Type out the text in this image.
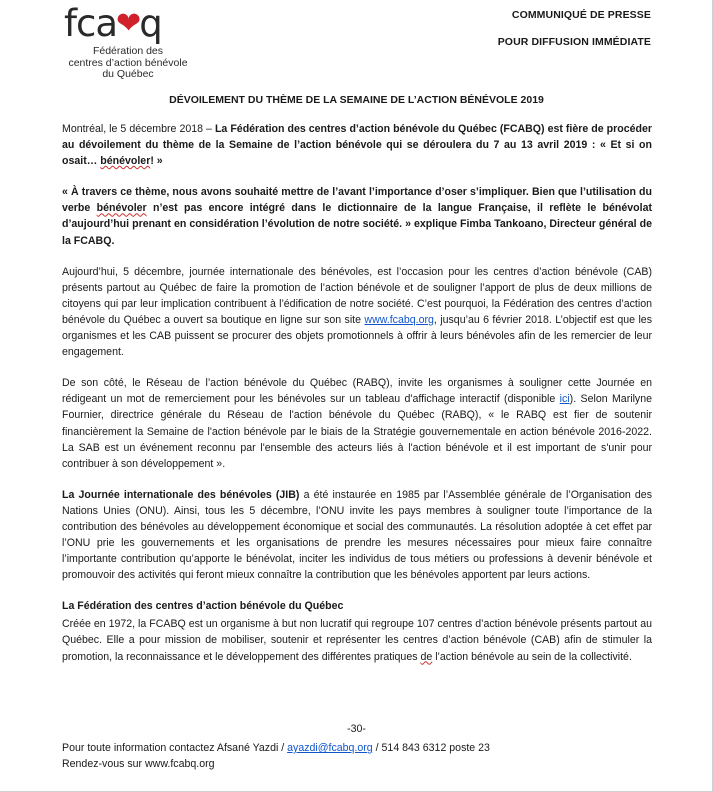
fca ❤ q
Fédération des
centres d’action bénévole
du Québec
COMMUNIQUÉ DE PRESSE
POUR DIFFUSION IMMÉDIATE
DÉVOILEMENT DU THÈME DE LA SEMAINE DE L’ACTION BÉNÉVOLE 2019

Montréal, le 5 décembre 2018 – La Fédération des centres d’action bénévole du Québec (FCABQ) est fière de procéder au dévoilement du thème de la Semaine de l’action bénévole qui se déroulera du 7 au 13 avril 2019 : « Et si on osait… bénévoler! »

« À travers ce thème, nous avons souhaité mettre de l’avant l’importance d’oser s’impliquer. Bien que l’utilisation du verbe bénévoler n’est pas encore intégré dans le dictionnaire de la langue Française, il reflète le bénévolat d’aujourd’hui prenant en considération l’évolution de notre société. » explique Fimba Tankoano, Directeur général de la FCABQ.

Aujourd’hui, 5 décembre, journée internationale des bénévoles, est l’occasion pour les centres d’action bénévole (CAB) présents partout au Québec de faire la promotion de l’action bénévole et de souligner l’apport de plus de deux millions de citoyens qui par leur implication contribuent à l’édification de notre société. C’est pourquoi, la Fédération des centres d’action bénévole du Québec a ouvert sa boutique en ligne sur son site www.fcabq.org, jusqu’au 6 février 2018. L’objectif est que les organismes et les CAB puissent se procurer des objets promotionnels à offrir à leurs bénévoles afin de les remercier de leur engagement.

De son côté, le Réseau de l’action bénévole du Québec (RABQ), invite les organismes à souligner cette Journée en rédigeant un mot de remerciement pour les bénévoles sur un tableau d'affichage interactif (disponible ici). Selon Marilyne Fournier, directrice générale du Réseau de l'action bénévole du Québec (RABQ), « le RABQ est fier de soutenir financièrement la Semaine de l'action bénévole par le biais de la Stratégie gouvernementale en action bénévole 2016-2022. La SAB est un événement reconnu par l'ensemble des acteurs liés à l'action bénévole et il est important de s'unir pour contribuer à son développement ».

La Journée internationale des bénévoles (JIB) a été instaurée en 1985 par l’Assemblée générale de l’Organisation des Nations Unies (ONU). Ainsi, tous les 5 décembre, l’ONU invite les pays membres à souligner toute l’importance de la contribution des bénévoles au développement économique et social des communautés. La résolution adoptée à cet effet par l’ONU prie les gouvernements et les organisations de prendre les mesures nécessaires pour mieux faire connaître l’importante contribution qu’apporte le bénévolat, inciter les individus de tous métiers ou professions à devenir bénévole et promouvoir des activités qui feront mieux connaître la contribution que les bénévoles apportent par leurs actions.

La Fédération des centres d’action bénévole du Québec

Créée en 1972, la FCABQ est un organisme à but non lucratif qui regroupe 107 centres d’action bénévole présents partout au Québec. Elle a pour mission de mobiliser, soutenir et représenter les centres d’action bénévole (CAB) afin de stimuler la promotion, la reconnaissance et le développement des différentes pratiques de l’action bénévole au sein de la collectivité.

-30-
Pour toute information contactez Afsané Yazdi / ayazdi@fcabq.org / 514 843 6312 poste 23
Rendez-vous sur www.fcabq.org
